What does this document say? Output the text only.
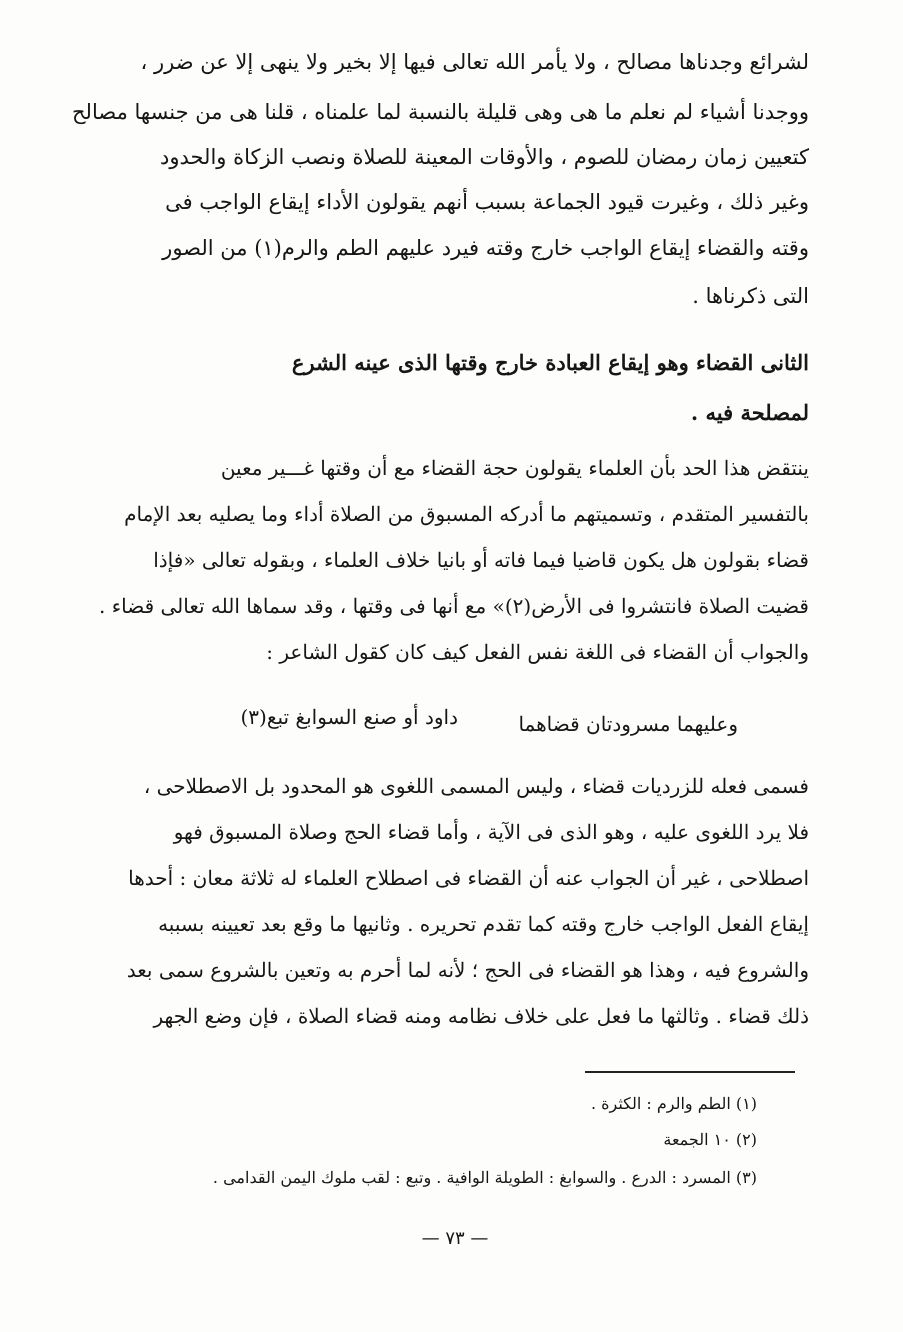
لشرائع وجدناها مصالح ، ولا يأمر الله تعالى فيها إلا بخير ولا ينهى إلا عن ضرر ،
ووجدنا أشياء لم نعلم ما هى وهى قليلة بالنسبة لما علمناه ، قلنا هى من جنسها مصالح
كتعيين زمان رمضان للصوم ، والأوقات المعينة للصلاة ونصب الزكاة والحدود
وغير ذلك ، وغيرت قيود الجماعة بسبب أنهم يقولون الأداء إيقاع الواجب فى
وقته والقضاء إيقاع الواجب خارج وقته فيرد عليهم الطم والرم(١) من الصور
التى ذكرناها .
الثانى القضاء وهو إيقاع العبادة خارج وقتها الذى عينه الشرع
لمصلحة فيه .
ينتقض هذا الحد بأن العلماء يقولون حجة القضاء مع أن وقتها غـــير معين
بالتفسير المتقدم ، وتسميتهم ما أدركه المسبوق من الصلاة أداء وما يصليه بعد الإمام
قضاء بقولون هل يكون قاضيا فيما فاته أو بانيا خلاف العلماء ، وبقوله تعالى «فإذا
قضيت الصلاة فانتشروا فى الأرض(٢)» مع أنها فى وقتها ، وقد سماها الله تعالى قضاء .
والجواب أن القضاء فى اللغة نفس الفعل كيف كان كقول الشاعر :
وعليهما مسرودتان قضاهما
داود أو صنع السوابغ تبع(٣)
فسمى فعله للزرديات قضاء ، وليس المسمى اللغوى هو المحدود بل الاصطلاحى ،
فلا يرد اللغوى عليه ، وهو الذى فى الآية ، وأما قضاء الحج وصلاة المسبوق فهو
اصطلاحى ، غير أن الجواب عنه أن القضاء فى اصطلاح العلماء له ثلاثة معان : أحدها
إيقاع الفعل الواجب خارج وقته كما تقدم تحريره . وثانيها ما وقع بعد تعيينه بسببه
والشروع فيه ، وهذا هو القضاء فى الحج ؛ لأنه لما أحرم به وتعين بالشروع سمى بعد
ذلك قضاء . وثالثها ما فعل على خلاف نظامه ومنه قضاء الصلاة ، فإن وضع الجهر
(١) الطم والرم : الكثرة .
(٢) ١٠ الجمعة
(٣) المسرد : الدرع . والسوابغ : الطويلة الوافية . وتبع : لقب ملوك اليمن القدامى .
— ٧٣ —
